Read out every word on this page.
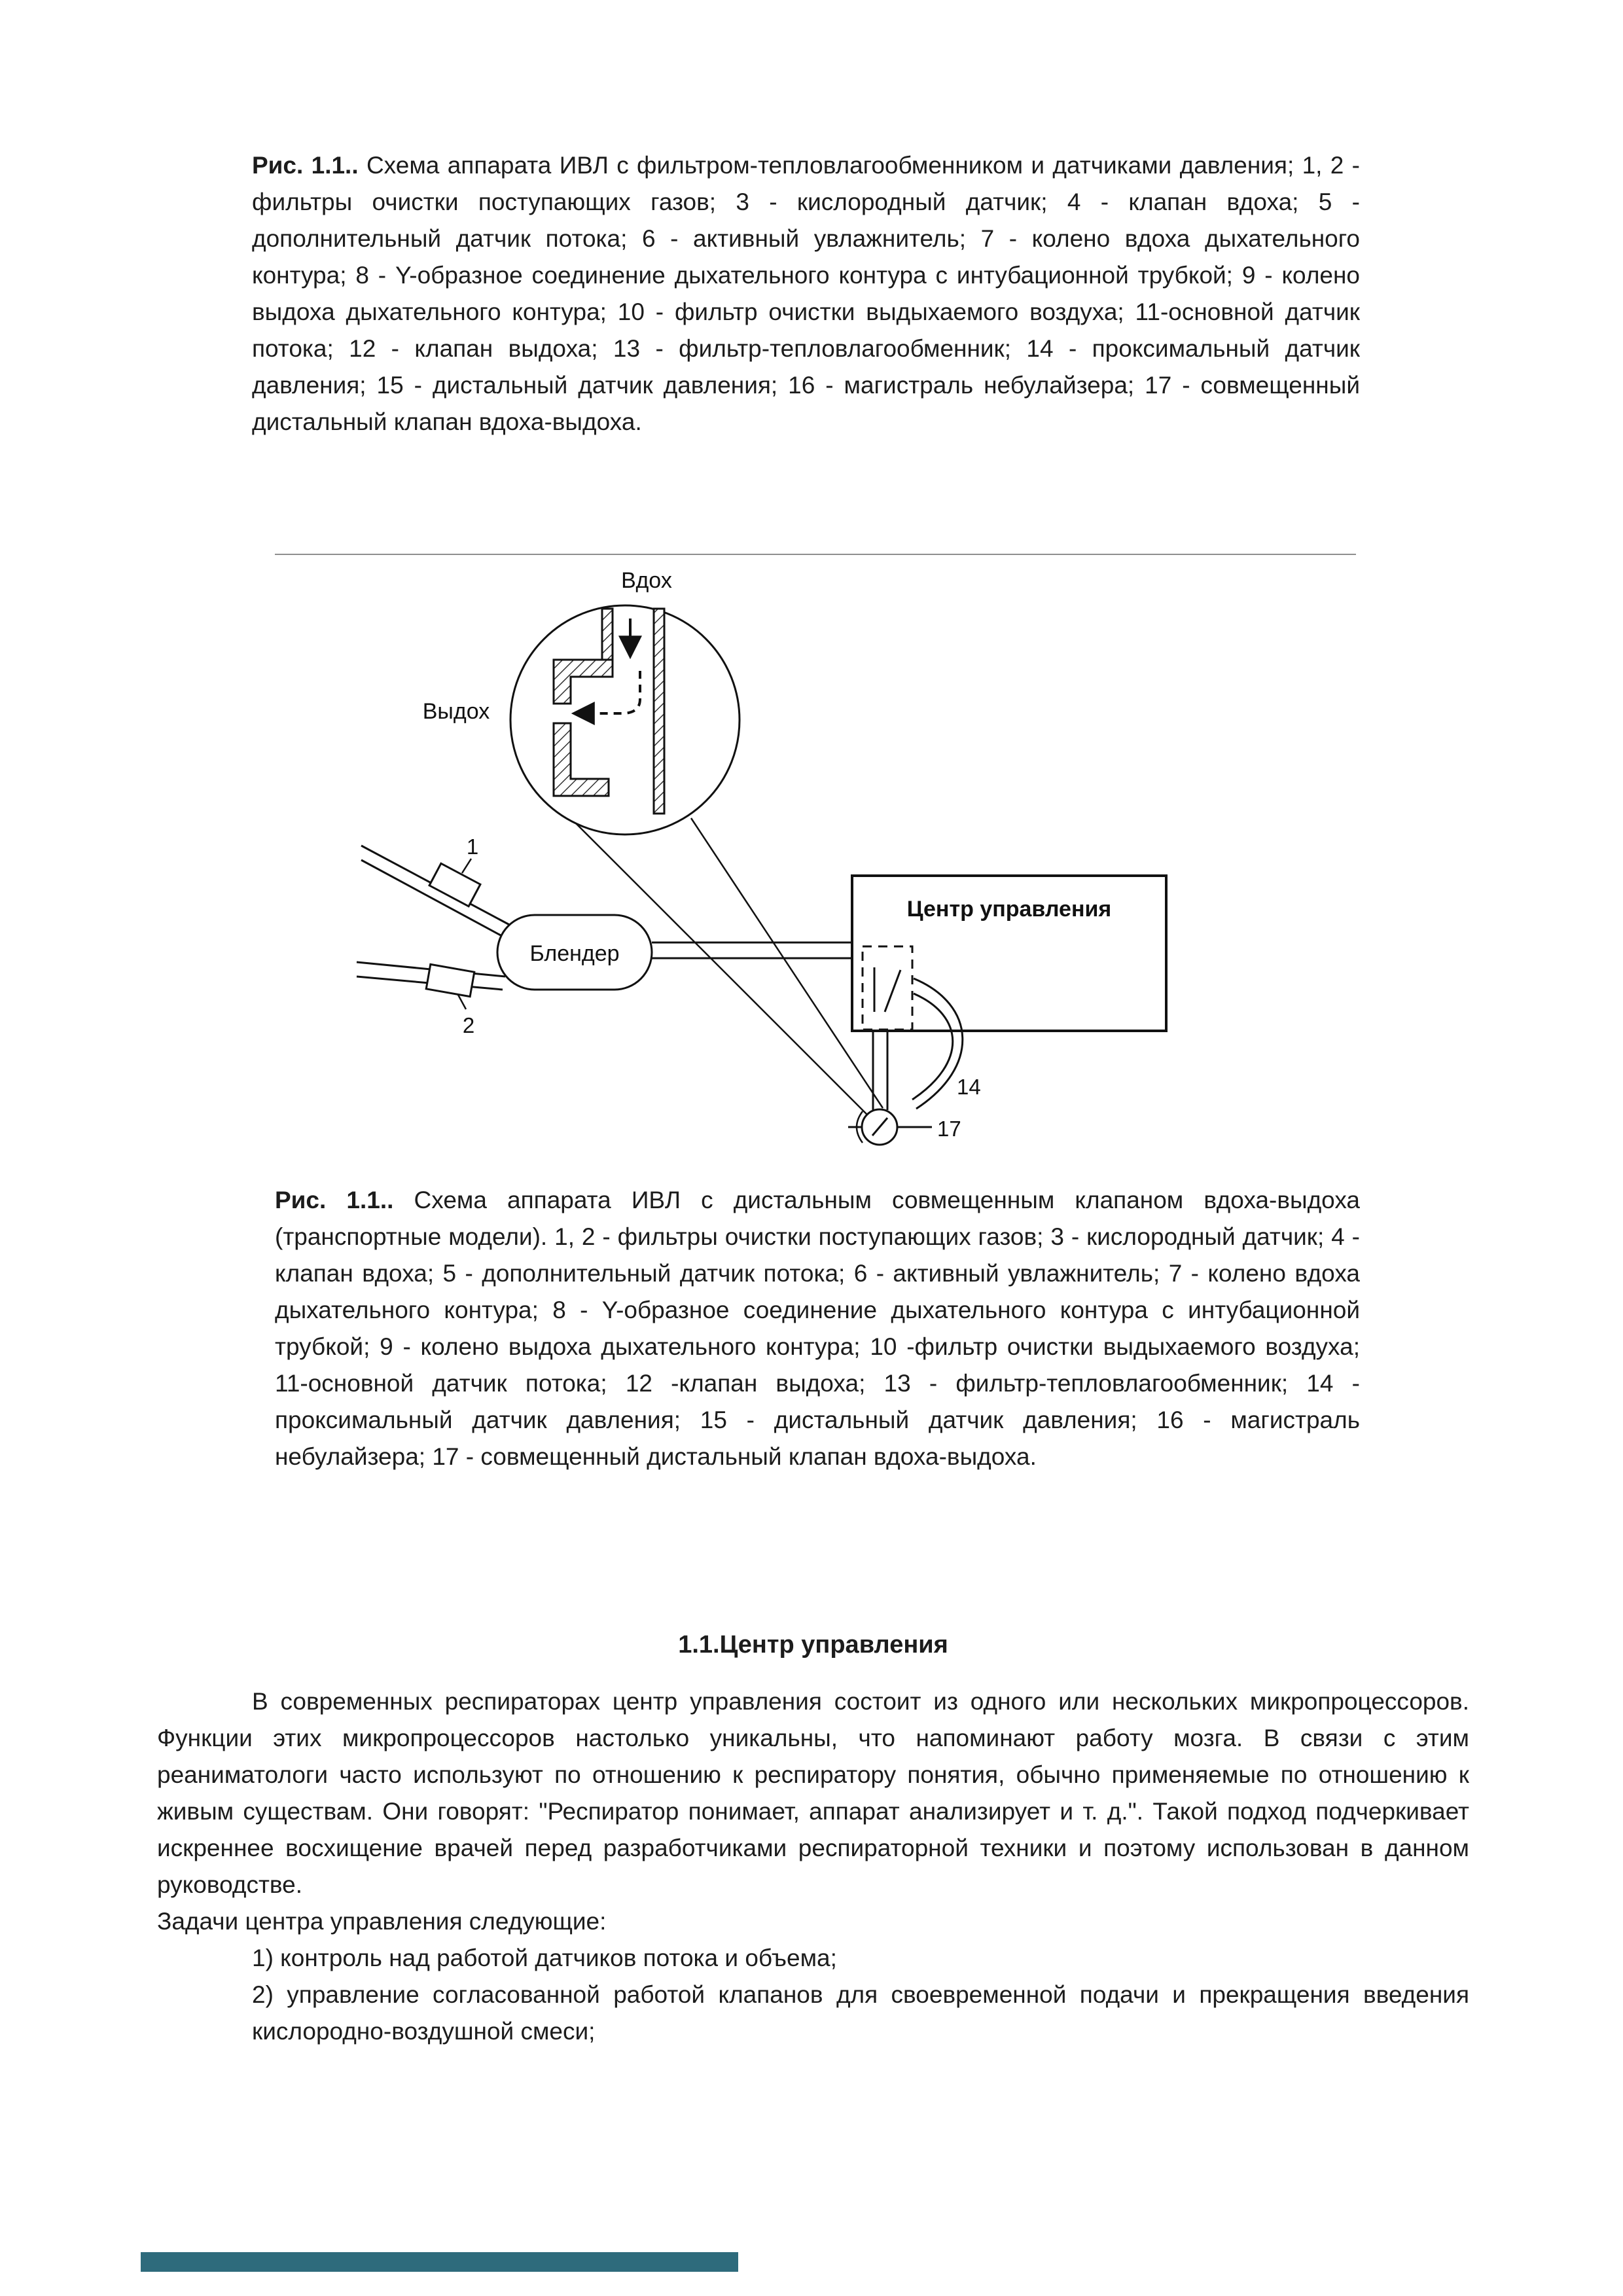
Рис. 1.1.. Схема аппарата ИВЛ с фильтром-тепловлагообменником и датчиками давления; 1, 2 - фильтры очистки поступающих газов; 3 - кислородный датчик; 4 - клапан вдоха; 5 - дополнительный датчик потока; 6 - активный увлажнитель; 7 - колено вдоха дыхательного контура; 8 - Y-образное соединение дыхательного контура с интубационной трубкой; 9 - колено выдоха дыхательного контура; 10 - фильтр очистки выдыхаемого воздуха; 11-основной датчик потока; 12 - клапан выдоха; 13 - фильтр-тепловлагообменник; 14 - проксимальный датчик давления; 15 - дистальный датчик давления; 16 - магистраль небулайзера; 17 - совмещенный дистальный клапан вдоха-выдоха.

Вдох
Выдох
Блендер
Центр управления
1
2
14
17

Рис. 1.1.. Схема аппарата ИВЛ с дистальным совмещенным клапаном вдоха-выдоха (транспортные модели). 1, 2 - фильтры очистки поступающих газов; 3 - кислородный датчик; 4 - клапан вдоха; 5 - дополнительный датчик потока; 6 - активный увлажнитель; 7 - колено вдоха дыхательного контура; 8 - Y-образное соединение дыхательного контура с интубационной трубкой; 9 - колено выдоха дыхательного контура; 10 -фильтр очистки выдыхаемого воздуха; 11-основной датчик потока; 12 -клапан выдоха; 13 - фильтр-тепловлагообменник; 14 - проксимальный датчик давления; 15 - дистальный датчик давления; 16 - магистраль небулайзера; 17 - совмещенный дистальный клапан вдоха-выдоха.

1.1.Центр управления

В современных респираторах центр управления состоит из одного или нескольких микропроцессоров. Функции этих микропроцессоров настолько уникальны, что напоминают работу мозга. В связи с этим реаниматологи часто используют по отношению к респиратору понятия, обычно применяемые по отношению к живым существам. Они говорят: "Респиратор понимает, аппарат анализирует и т. д.". Такой подход подчеркивает искреннее восхищение врачей перед разработчиками респираторной техники и поэтому использован в данном руководстве.

Задачи центра управления следующие:

1) контроль над работой датчиков потока и объема;

2) управление согласованной работой клапанов для своевременной подачи и прекращения введения кислородно-воздушной смеси;
